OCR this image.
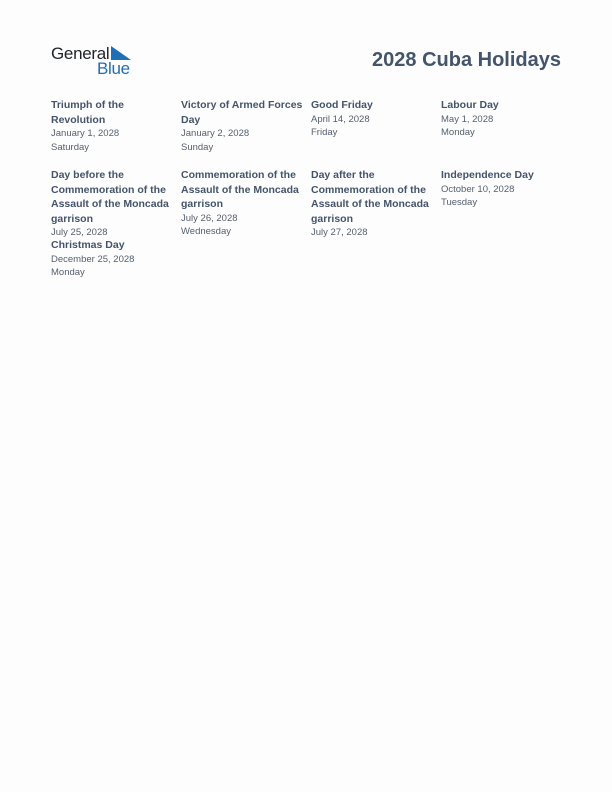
General
Blue	2028 Cuba Holidays
Triumph of the Revolution
January 1, 2028
Saturday
Victory of Armed Forces Day
January 2, 2028
Sunday
Good Friday
April 14, 2028
Friday
Labour Day
May 1, 2028
Monday
Day before the Commemoration of the Assault of the Moncada garrison
July 25, 2028
Commemoration of the Assault of the Moncada garrison
July 26, 2028
Wednesday
Day after the Commemoration of the Assault of the Moncada garrison
July 27, 2028
Independence Day
October 10, 2028
Tuesday
Christmas Day
December 25, 2028
Monday
